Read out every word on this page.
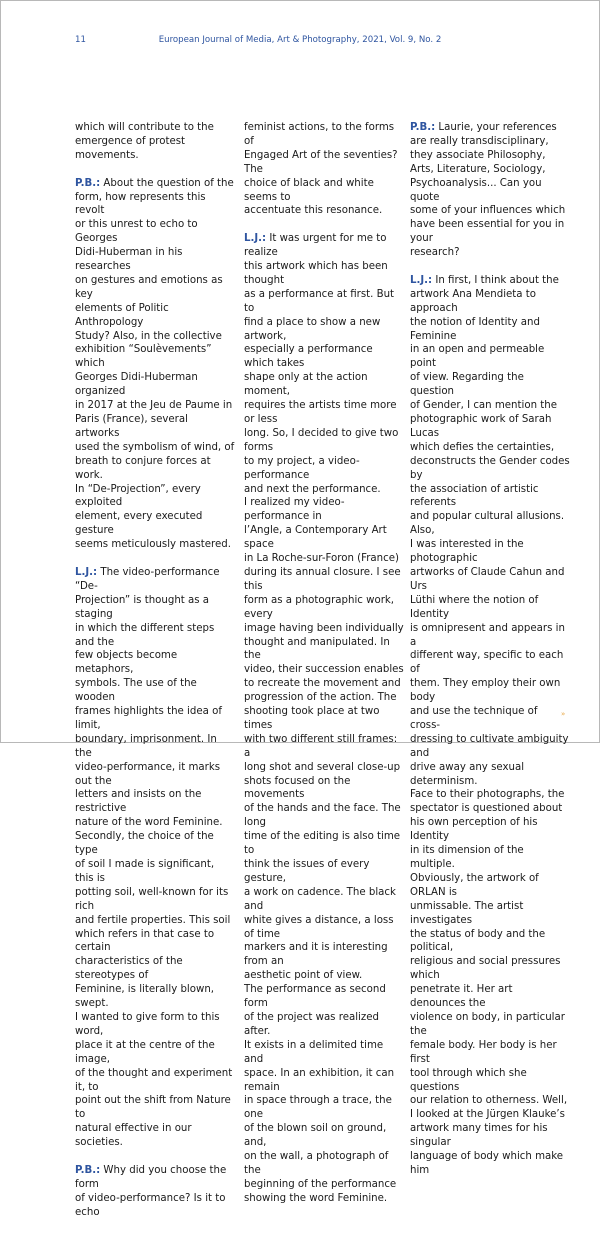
11	European Journal of Media, Art & Photography, 2021, Vol. 9, No. 2

which will contribute to the
emergence of protest movements.

P.B.: About the question of the
form, how represents this revolt
or this unrest to echo to Georges
Didi-Huberman in his researches
on gestures and emotions as key
elements of Politic Anthropology
Study? Also, in the collective
exhibition “Soulèvements” which
Georges Didi-Huberman organized
in 2017 at the Jeu de Paume in
Paris (France), several artworks
used the symbolism of wind, of
breath to conjure forces at work.
In “De-Projection”, every exploited
element, every executed gesture
seems meticulously mastered.

L.J.: The video-performance “De-
Projection” is thought as a staging
in which the different steps and the
few objects become metaphors,
symbols. The use of the wooden
frames highlights the idea of limit,
boundary, imprisonment. In the
video-performance, it marks out the
letters and insists on the restrictive
nature of the word Feminine.
Secondly, the choice of the type
of soil I made is significant, this is
potting soil, well-known for its rich
and fertile properties. This soil
which refers in that case to certain
characteristics of the stereotypes of
Feminine, is literally blown, swept.
I wanted to give form to this word,
place it at the centre of the image,
of the thought and experiment it, to
point out the shift from Nature to
natural effective in our societies.

P.B.: Why did you choose the form
of video-performance? Is it to echo

feminist actions, to the forms of
Engaged Art of the seventies? The
choice of black and white seems to
accentuate this resonance.

L.J.: It was urgent for me to realize
this artwork which has been thought
as a performance at first. But to
find a place to show a new artwork,
especially a performance which takes
shape only at the action moment,
requires the artists time more or less
long. So, I decided to give two forms
to my project, a video-performance
and next the performance.
I realized my video-performance in
l’Angle, a Contemporary Art space
in La Roche-sur-Foron (France)
during its annual closure. I see this
form as a photographic work, every
image having been individually
thought and manipulated. In the
video, their succession enables
to recreate the movement and
progression of the action. The
shooting took place at two times
with two different still frames: a
long shot and several close-up
shots focused on the movements
of the hands and the face. The long
time of the editing is also time to
think the issues of every gesture,
a work on cadence. The black and
white gives a distance, a loss of time
markers and it is interesting from an
aesthetic point of view.
The performance as second form
of the project was realized after.
It exists in a delimited time and
space. In an exhibition, it can remain
in space through a trace, the one
of the blown soil on ground, and,
on the wall, a photograph of the
beginning of the performance
showing the word Feminine.

P.B.: Laurie, your references
are really transdisciplinary,
they associate Philosophy,
Arts, Literature, Sociology,
Psychoanalysis... Can you quote
some of your influences which
have been essential for you in your
research?

L.J.: In first, I think about the
artwork Ana Mendieta to approach
the notion of Identity and Feminine
in an open and permeable point
of view. Regarding the question
of Gender, I can mention the
photographic work of Sarah Lucas
which defies the certainties,
deconstructs the Gender codes by
the association of artistic referents
and popular cultural allusions. Also,
I was interested in the photographic
artworks of Claude Cahun and Urs
Lüthi where the notion of Identity
is omnipresent and appears in a
different way, specific to each of
them. They employ their own body
and use the technique of cross-
dressing to cultivate ambiguity and
drive away any sexual determinism.
Face to their photographs, the
spectator is questioned about
his own perception of his Identity
in its dimension of the multiple.
Obviously, the artwork of ORLAN is
unmissable. The artist investigates
the status of body and the political,
religious and social pressures which
penetrate it. Her art denounces the
violence on body, in particular the
female body. Her body is her first
tool through which she questions
our relation to otherness. Well,
I looked at the Jürgen Klauke’s
artwork many times for his singular
language of body which make him

»
